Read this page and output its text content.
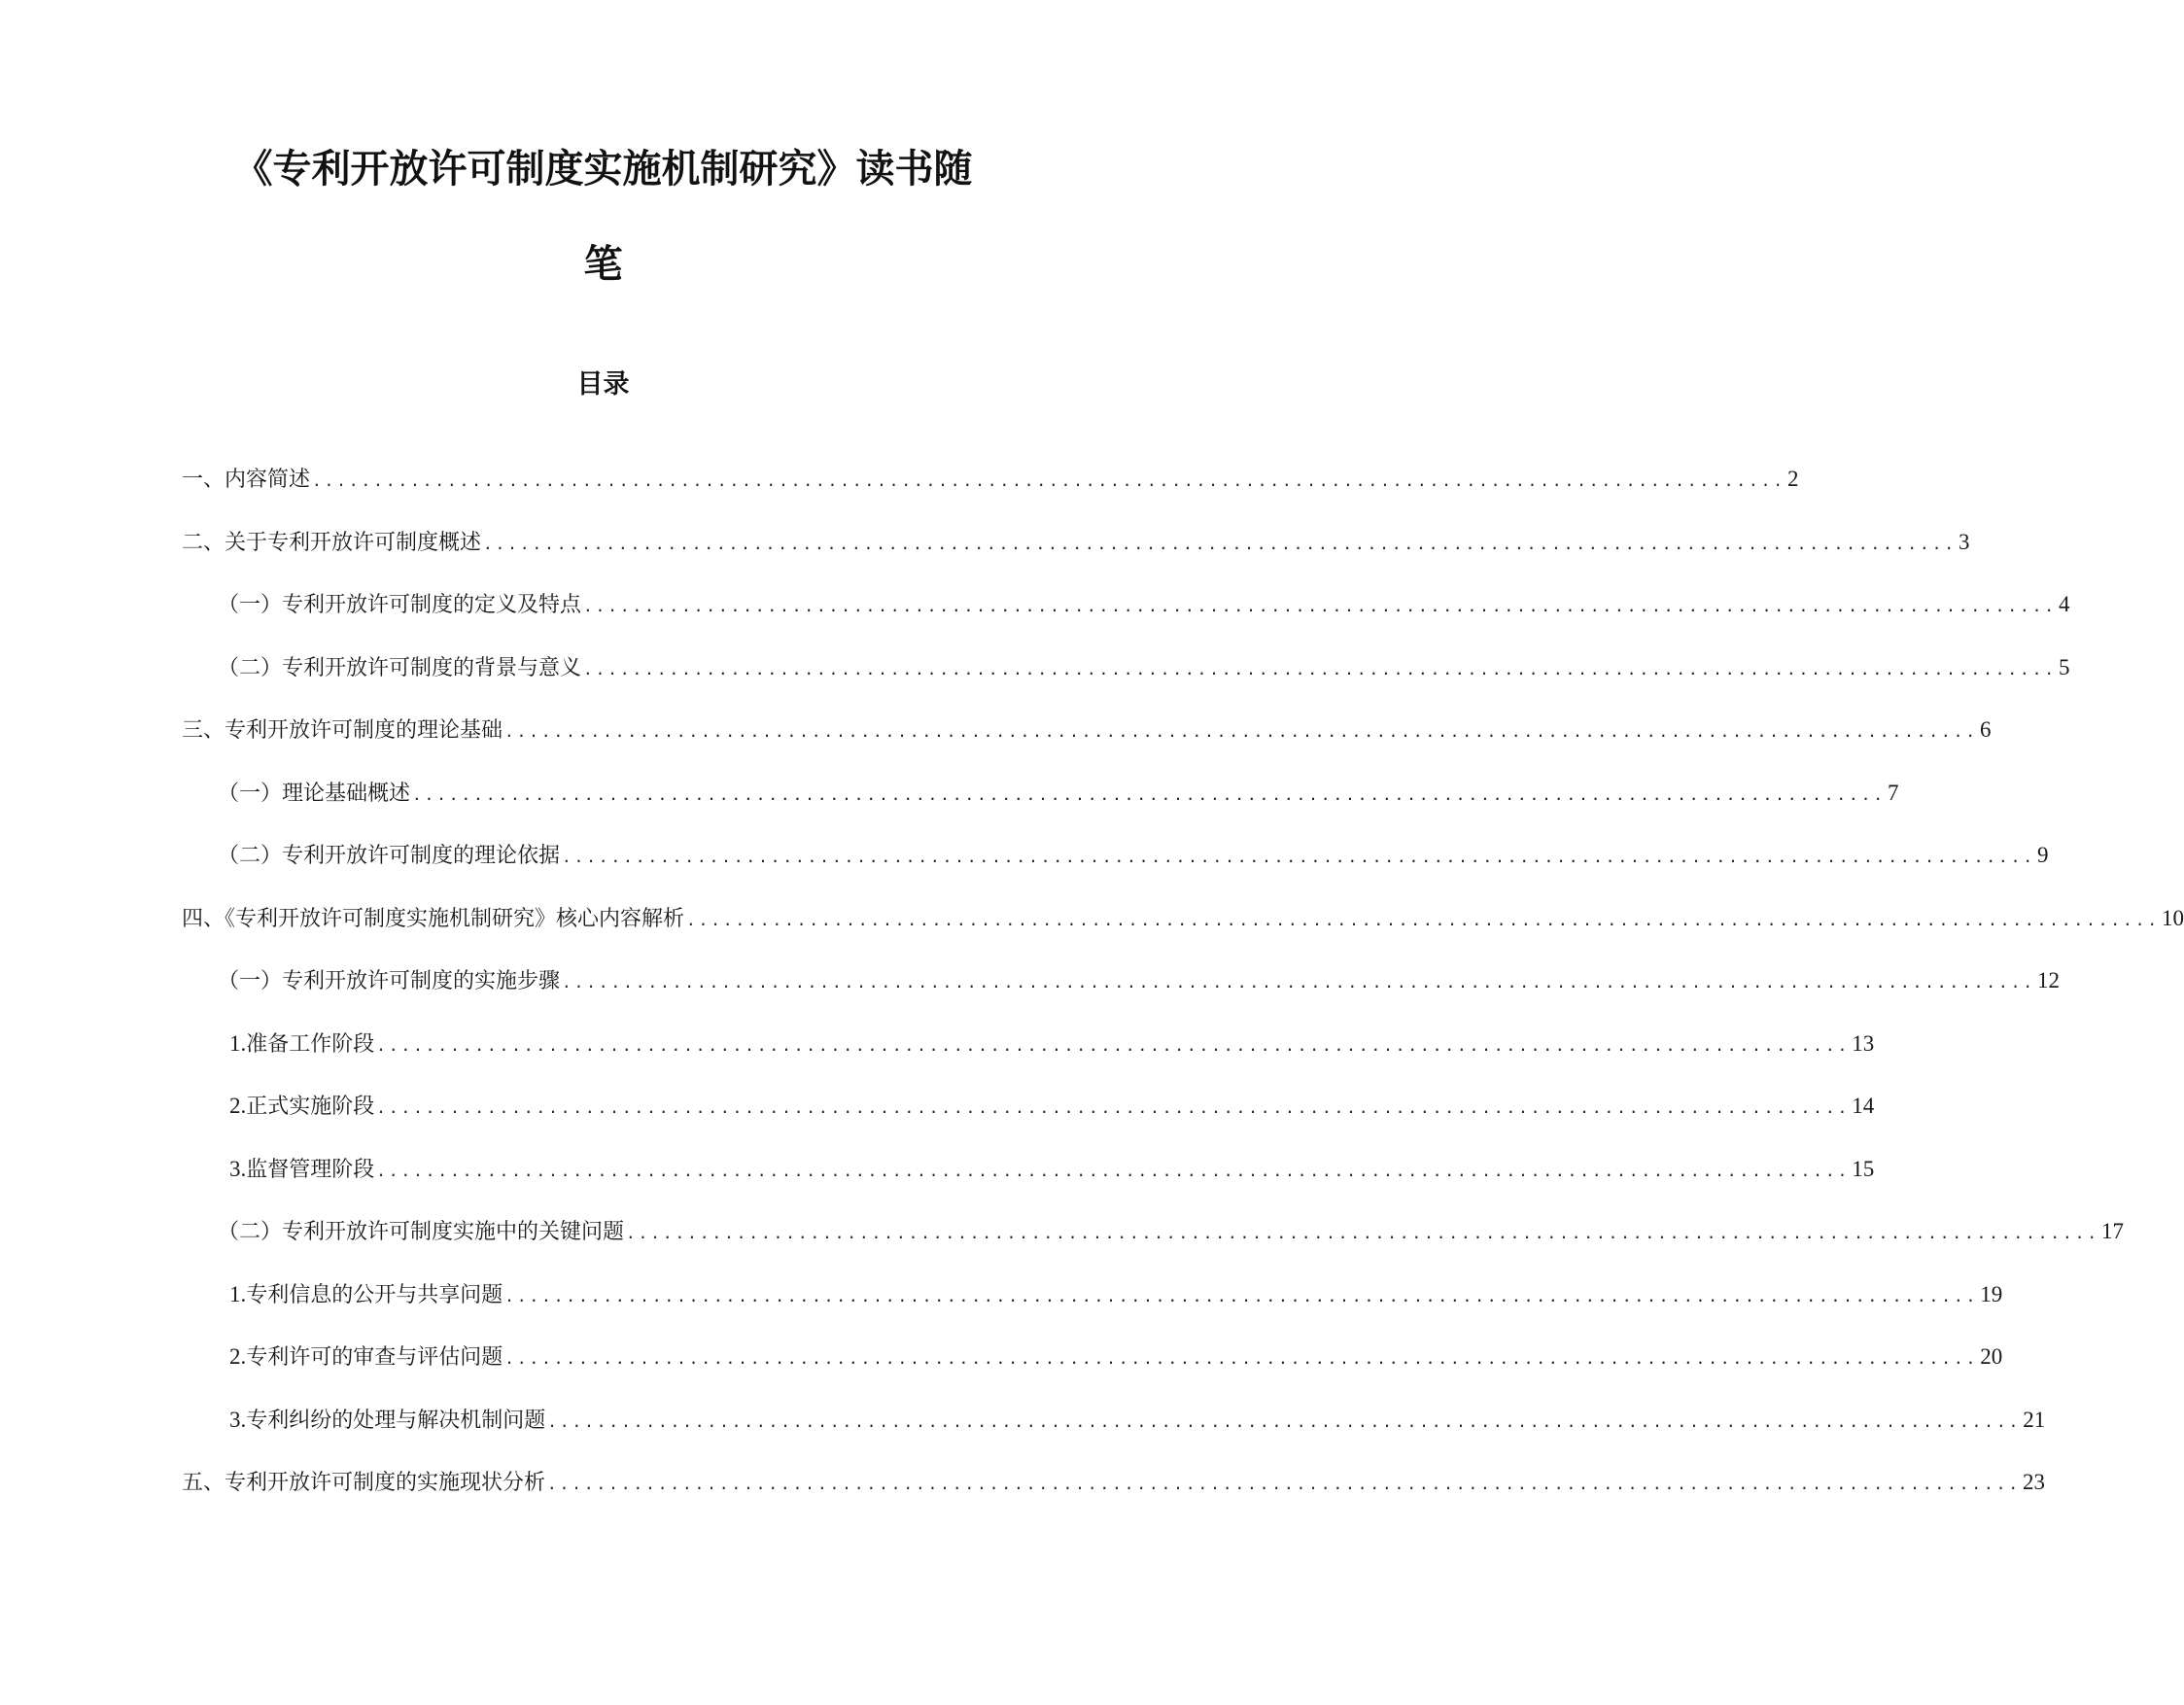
《专利开放许可制度实施机制研究》读书随
笔
目录
一、内容简述 ........................................................................................................................ 2
二、关于专利开放许可制度概述 ........................................................................................................................ 3
（一）专利开放许可制度的定义及特点 ........................................................................................................................ 4
（二）专利开放许可制度的背景与意义 ........................................................................................................................ 5
三、专利开放许可制度的理论基础 ........................................................................................................................ 6
（一）理论基础概述 ........................................................................................................................ 7
（二）专利开放许可制度的理论依据 ........................................................................................................................ 9
四、《专利开放许可制度实施机制研究》核心内容解析 ........................................................................................................................ 10
（一）专利开放许可制度的实施步骤 ........................................................................................................................ 12
1. 准备工作阶段 ........................................................................................................................ 13
2. 正式实施阶段 ........................................................................................................................ 14
3. 监督管理阶段 ........................................................................................................................ 15
（二）专利开放许可制度实施中的关键问题 ........................................................................................................................ 17
1. 专利信息的公开与共享问题 ........................................................................................................................ 19
2. 专利许可的审查与评估问题 ........................................................................................................................ 20
3. 专利纠纷的处理与解决机制问题 ........................................................................................................................ 21
五、专利开放许可制度的实施现状分析 ........................................................................................................................ 23
